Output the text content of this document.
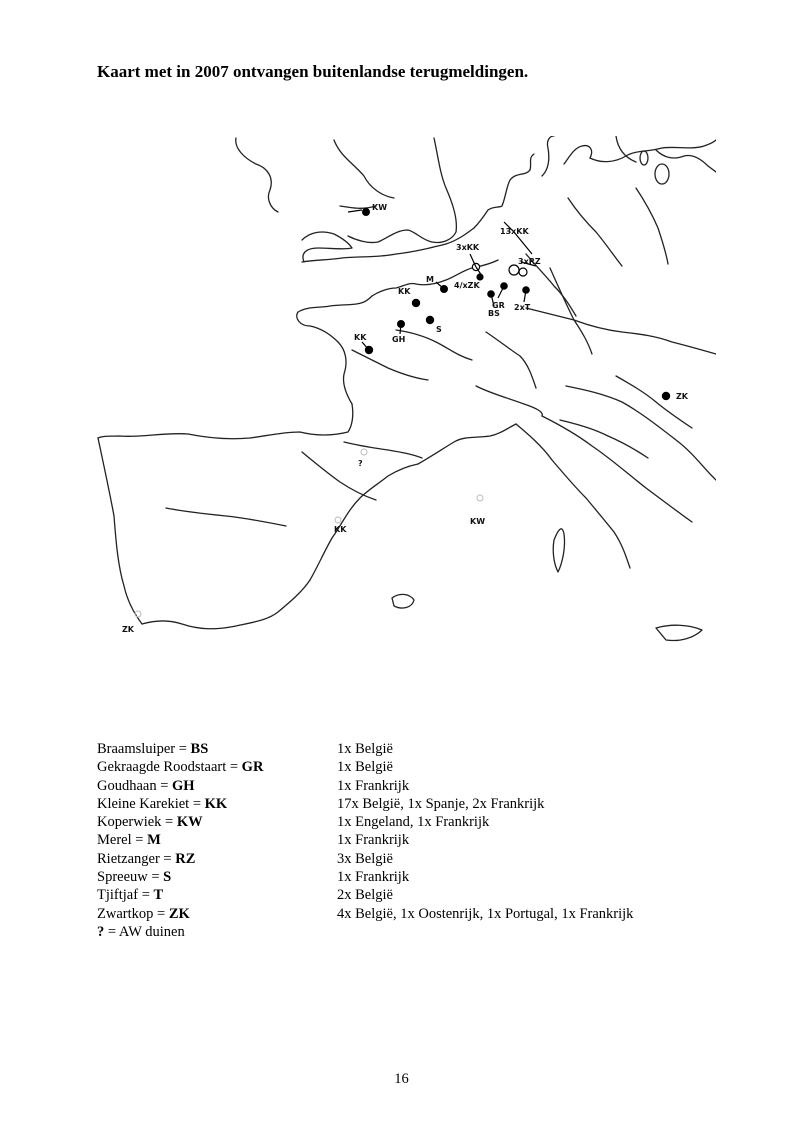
Kaart met in 2007 ontvangen buitenlandse terugmeldingen.
?
KK
KW
ZK
KW
13xKK
3xKK
3xRZ
4/xZK
GR
BS
2xT
M
KK
S
GH
KK
ZK
Braamsluiper = BS	1x België
Gekraagde Roodstaart = GR	1x België
Goudhaan = GH	1x Frankrijk
Kleine Karekiet = KK	17x België, 1x Spanje, 2x Frankrijk
Koperwiek = KW	1x Engeland, 1x Frankrijk
Merel = M	1x Frankrijk
Rietzanger = RZ	3x België
Spreeuw = S	1x Frankrijk
Tjiftjaf = T	2x België
Zwartkop = ZK	4x België, 1x Oostenrijk, 1x Portugal, 1x Frankrijk
? = AW duinen
16
